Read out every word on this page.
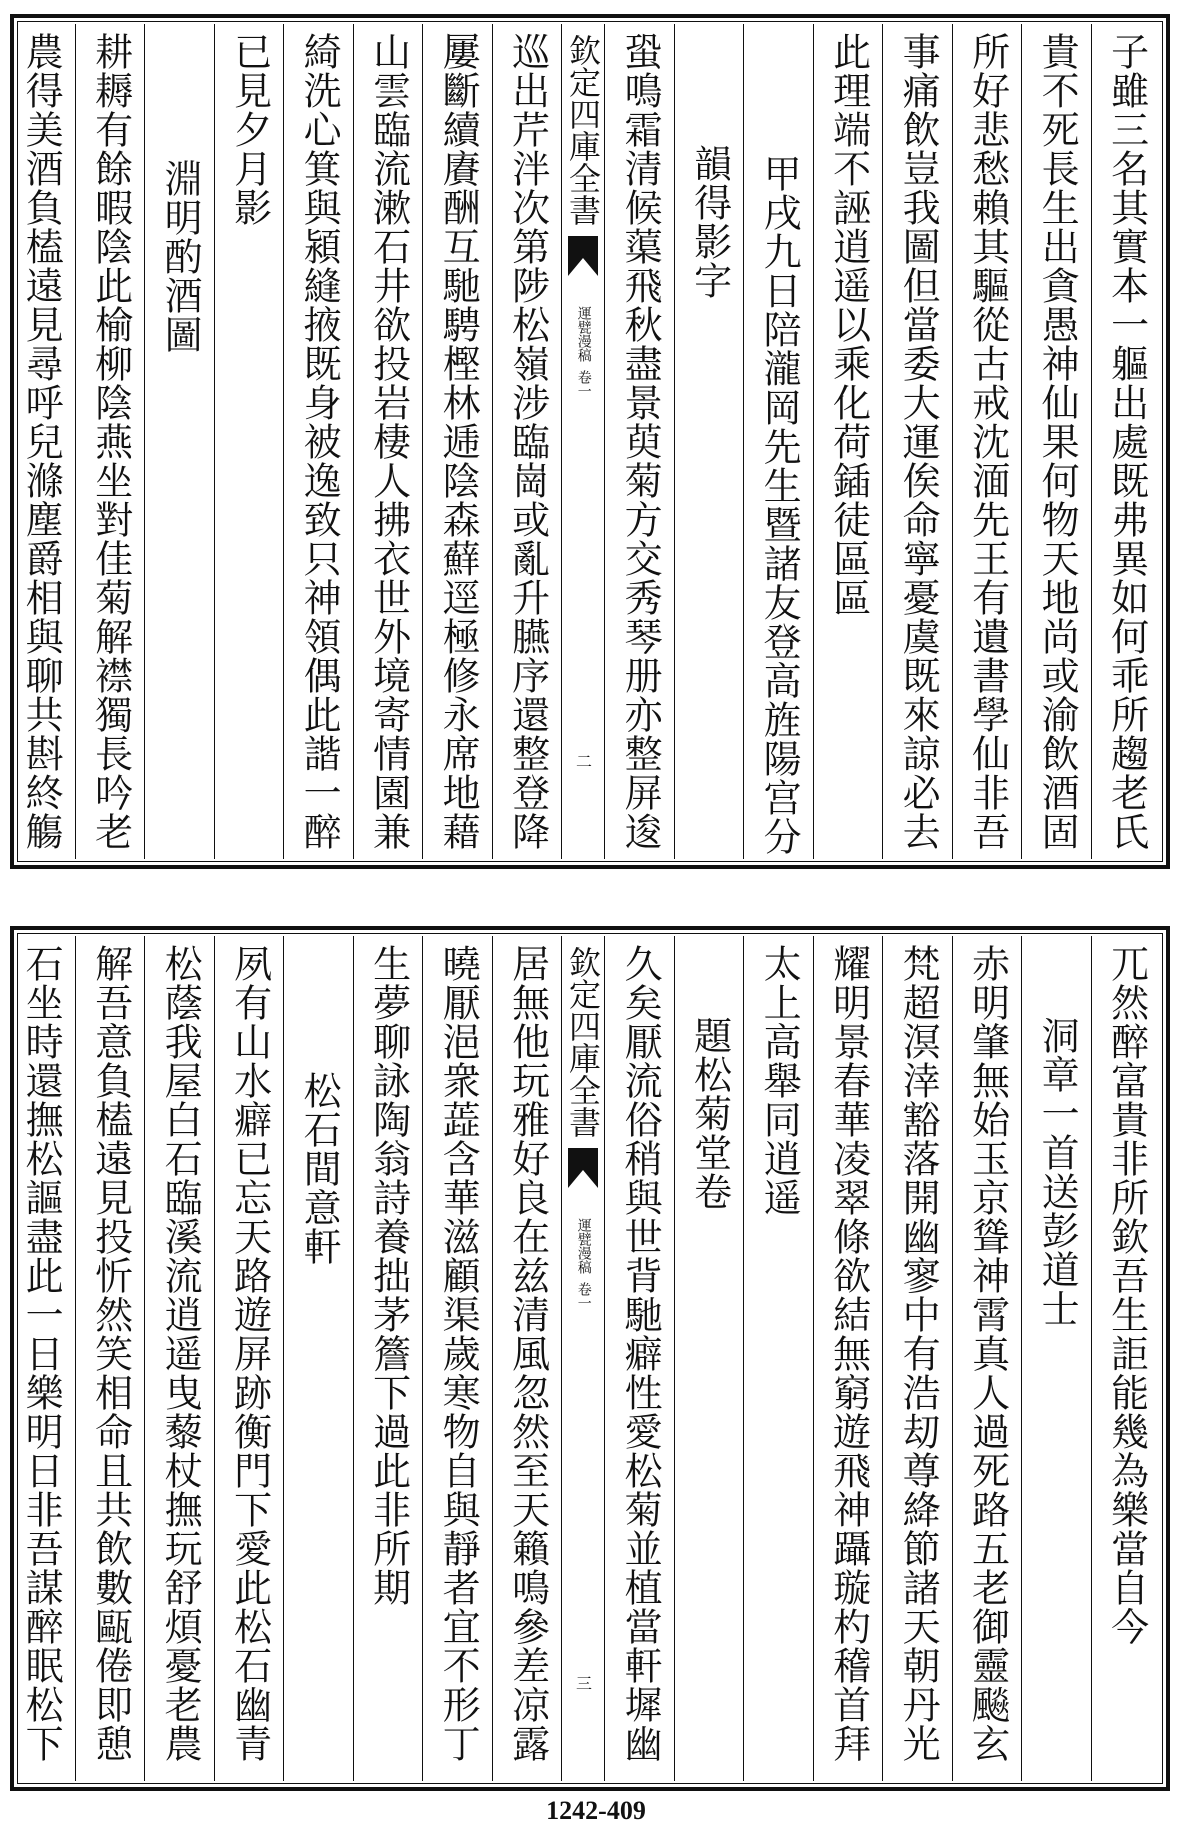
子雖三名其實本一軀出處既弗異如何乖所趨老氏
貴不死長生出貪愚神仙果何物天地尚或渝飲酒固
所好悲愁賴其驅從古戒沈湎先王有遺書學仙非吾
事痛飲豈我圖但當委大運俟命寧憂虞既來諒必去
此理端不誣逍遥以乘化荷鍤徒區區
甲戌九日陪瀧岡先生暨諸友登高旌陽宫分
韻得影字
蛩鳴霜清候蕖飛秋盡景萸菊方交秀琴册亦整屏逡
欽定四庫全書
運甓漫稿
卷一
二
巡出芹泮次第陟松嶺涉臨崗或亂升臙序還整登降
屢斷續賡酬互馳騁樫林逓陰森蘚逕極修永席地藉
山雲臨流漱石井欲投岩棲人拂衣世外境寄情園兼
綺洗心箕與潁縫掖既身被逸致只神領偶此諧一醉
已見夕月影
淵明酌酒圖
耕耨有餘暇陰此榆柳陰燕坐對佳菊解襟獨長吟老
農得美酒負榼遠見尋呼兒滌塵爵相與聊共斟終觴
兀然醉富貴非所欽吾生詎能幾為樂當自今
洞章一首送彭道士
赤明肇無始玉京聳神霄真人過死路五老御靈飈玄
梵超溟涬豁落開幽寥中有浩刧尊絳節諸天朝丹光
耀明景春華凌翠條欲結無窮遊飛神躡璇杓稽首拜
太上高舉同逍遥
題松菊堂卷
久矣厭流俗稍與世背馳癖性愛松菊並植當軒墀幽
欽定四庫全書
運甓漫稿
卷一
三
居無他玩雅好良在兹清風忽然至天籟鳴參差凉露
曉厭浥衆蕋含華滋顧渠歲寒物自與靜者宜不形丁
生夢聊詠陶翁詩養拙茅簷下過此非所期
松石間意軒
夙有山水癖已忘天路遊屏跡衡門下愛此松石幽青
松蔭我屋白石臨溪流逍遥曳藜杖撫玩舒煩憂老農
解吾意負榼遠見投忻然笑相命且共飲數甌倦即憩
石坐時還撫松謳盡此一日樂明日非吾謀醉眠松下
1242-409
